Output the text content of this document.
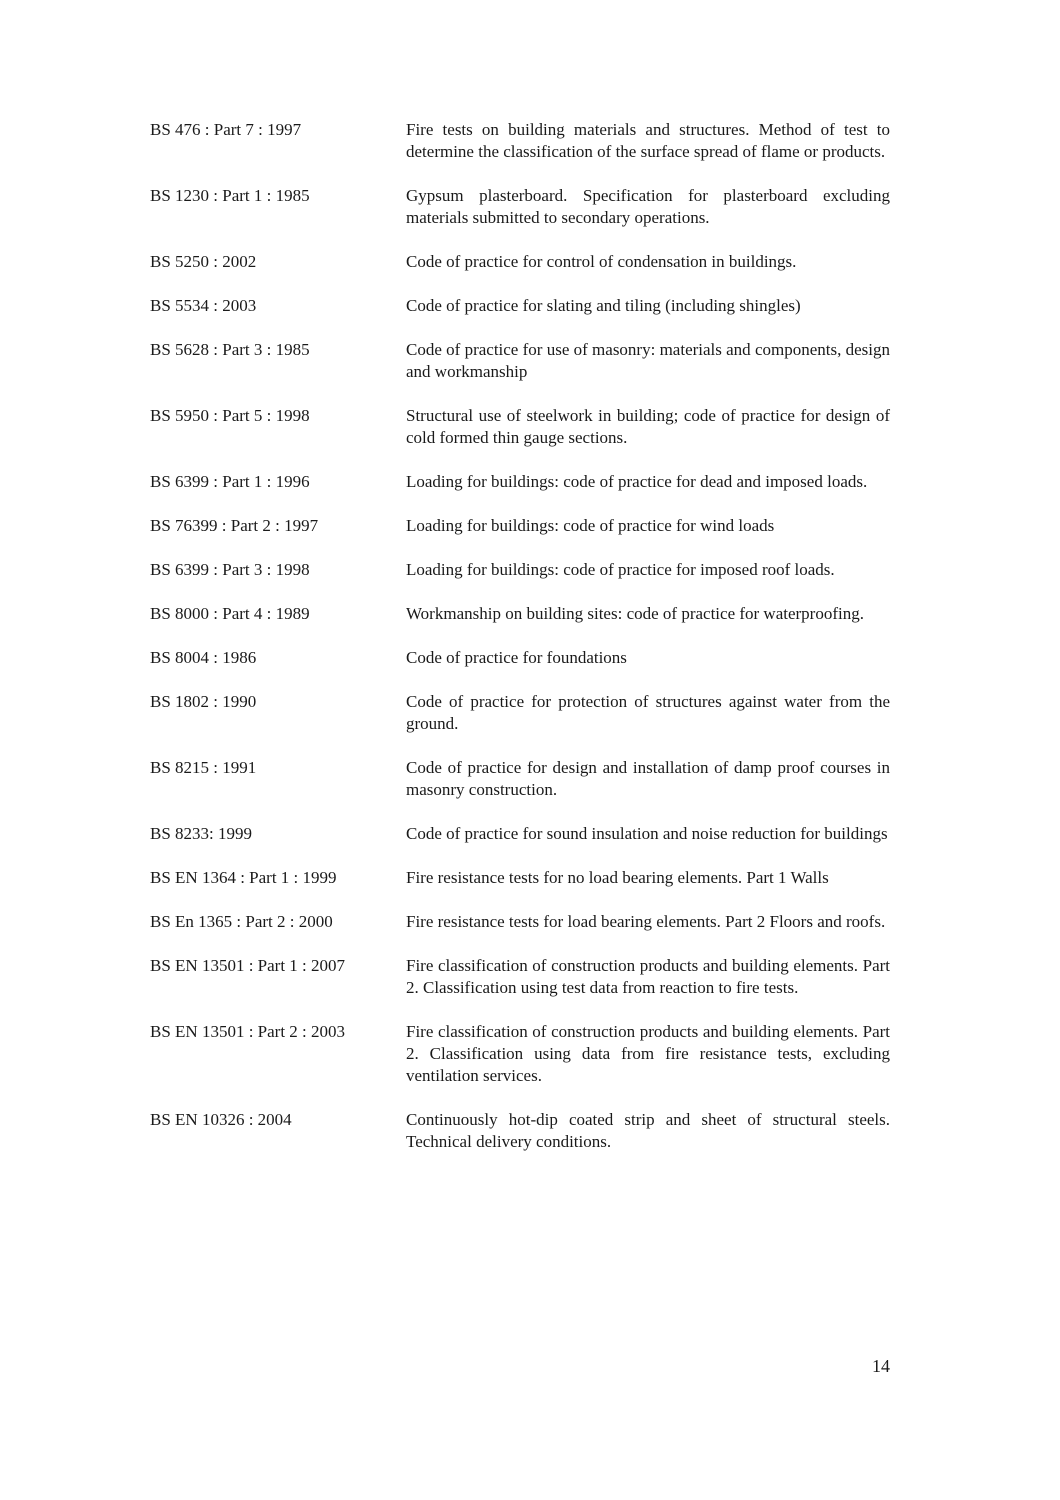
BS 476 : Part 7 : 1997	Fire tests on building materials and structures. Method of test to determine the classification of the surface spread of flame or products.
BS 1230 : Part 1 : 1985	Gypsum plasterboard. Specification for plasterboard excluding materials submitted to secondary operations.
BS 5250 : 2002	Code of practice for control of condensation in buildings.
BS 5534 : 2003	Code of practice for slating and tiling (including shingles)
BS 5628 : Part 3 : 1985	Code of practice for use of masonry: materials and components, design and workmanship
BS 5950 : Part 5 : 1998	Structural use of steelwork in building; code of practice for design of cold formed thin gauge sections.
BS 6399 : Part 1 : 1996	Loading for buildings: code of practice for dead and imposed loads.
BS 76399 : Part 2 : 1997	Loading for buildings: code of practice for wind loads
BS 6399 : Part 3 : 1998	Loading for buildings: code of practice for imposed roof loads.
BS 8000 : Part 4 : 1989	Workmanship on building sites: code of practice for waterproofing.
BS 8004 : 1986	Code of practice for foundations
BS 1802 : 1990	Code of practice for protection of structures against water from the ground.
BS 8215 : 1991	Code of practice for design and installation of damp proof courses in masonry construction.
BS 8233: 1999	Code of practice for sound insulation and noise reduction for buildings
BS EN 1364 : Part 1 : 1999	Fire resistance tests for no load bearing elements. Part 1 Walls
BS En 1365 : Part 2 : 2000	Fire resistance tests for load bearing elements. Part 2 Floors and roofs.
BS EN 13501 : Part 1 : 2007	Fire classification of construction products and building elements. Part 2. Classification using test data from reaction to fire tests.
BS EN 13501 : Part 2 : 2003	Fire classification of construction products and building elements. Part 2. Classification using data from fire resistance tests, excluding ventilation services.
BS EN 10326 : 2004	Continuously hot-dip coated strip and sheet of structural steels. Technical delivery conditions.
14
